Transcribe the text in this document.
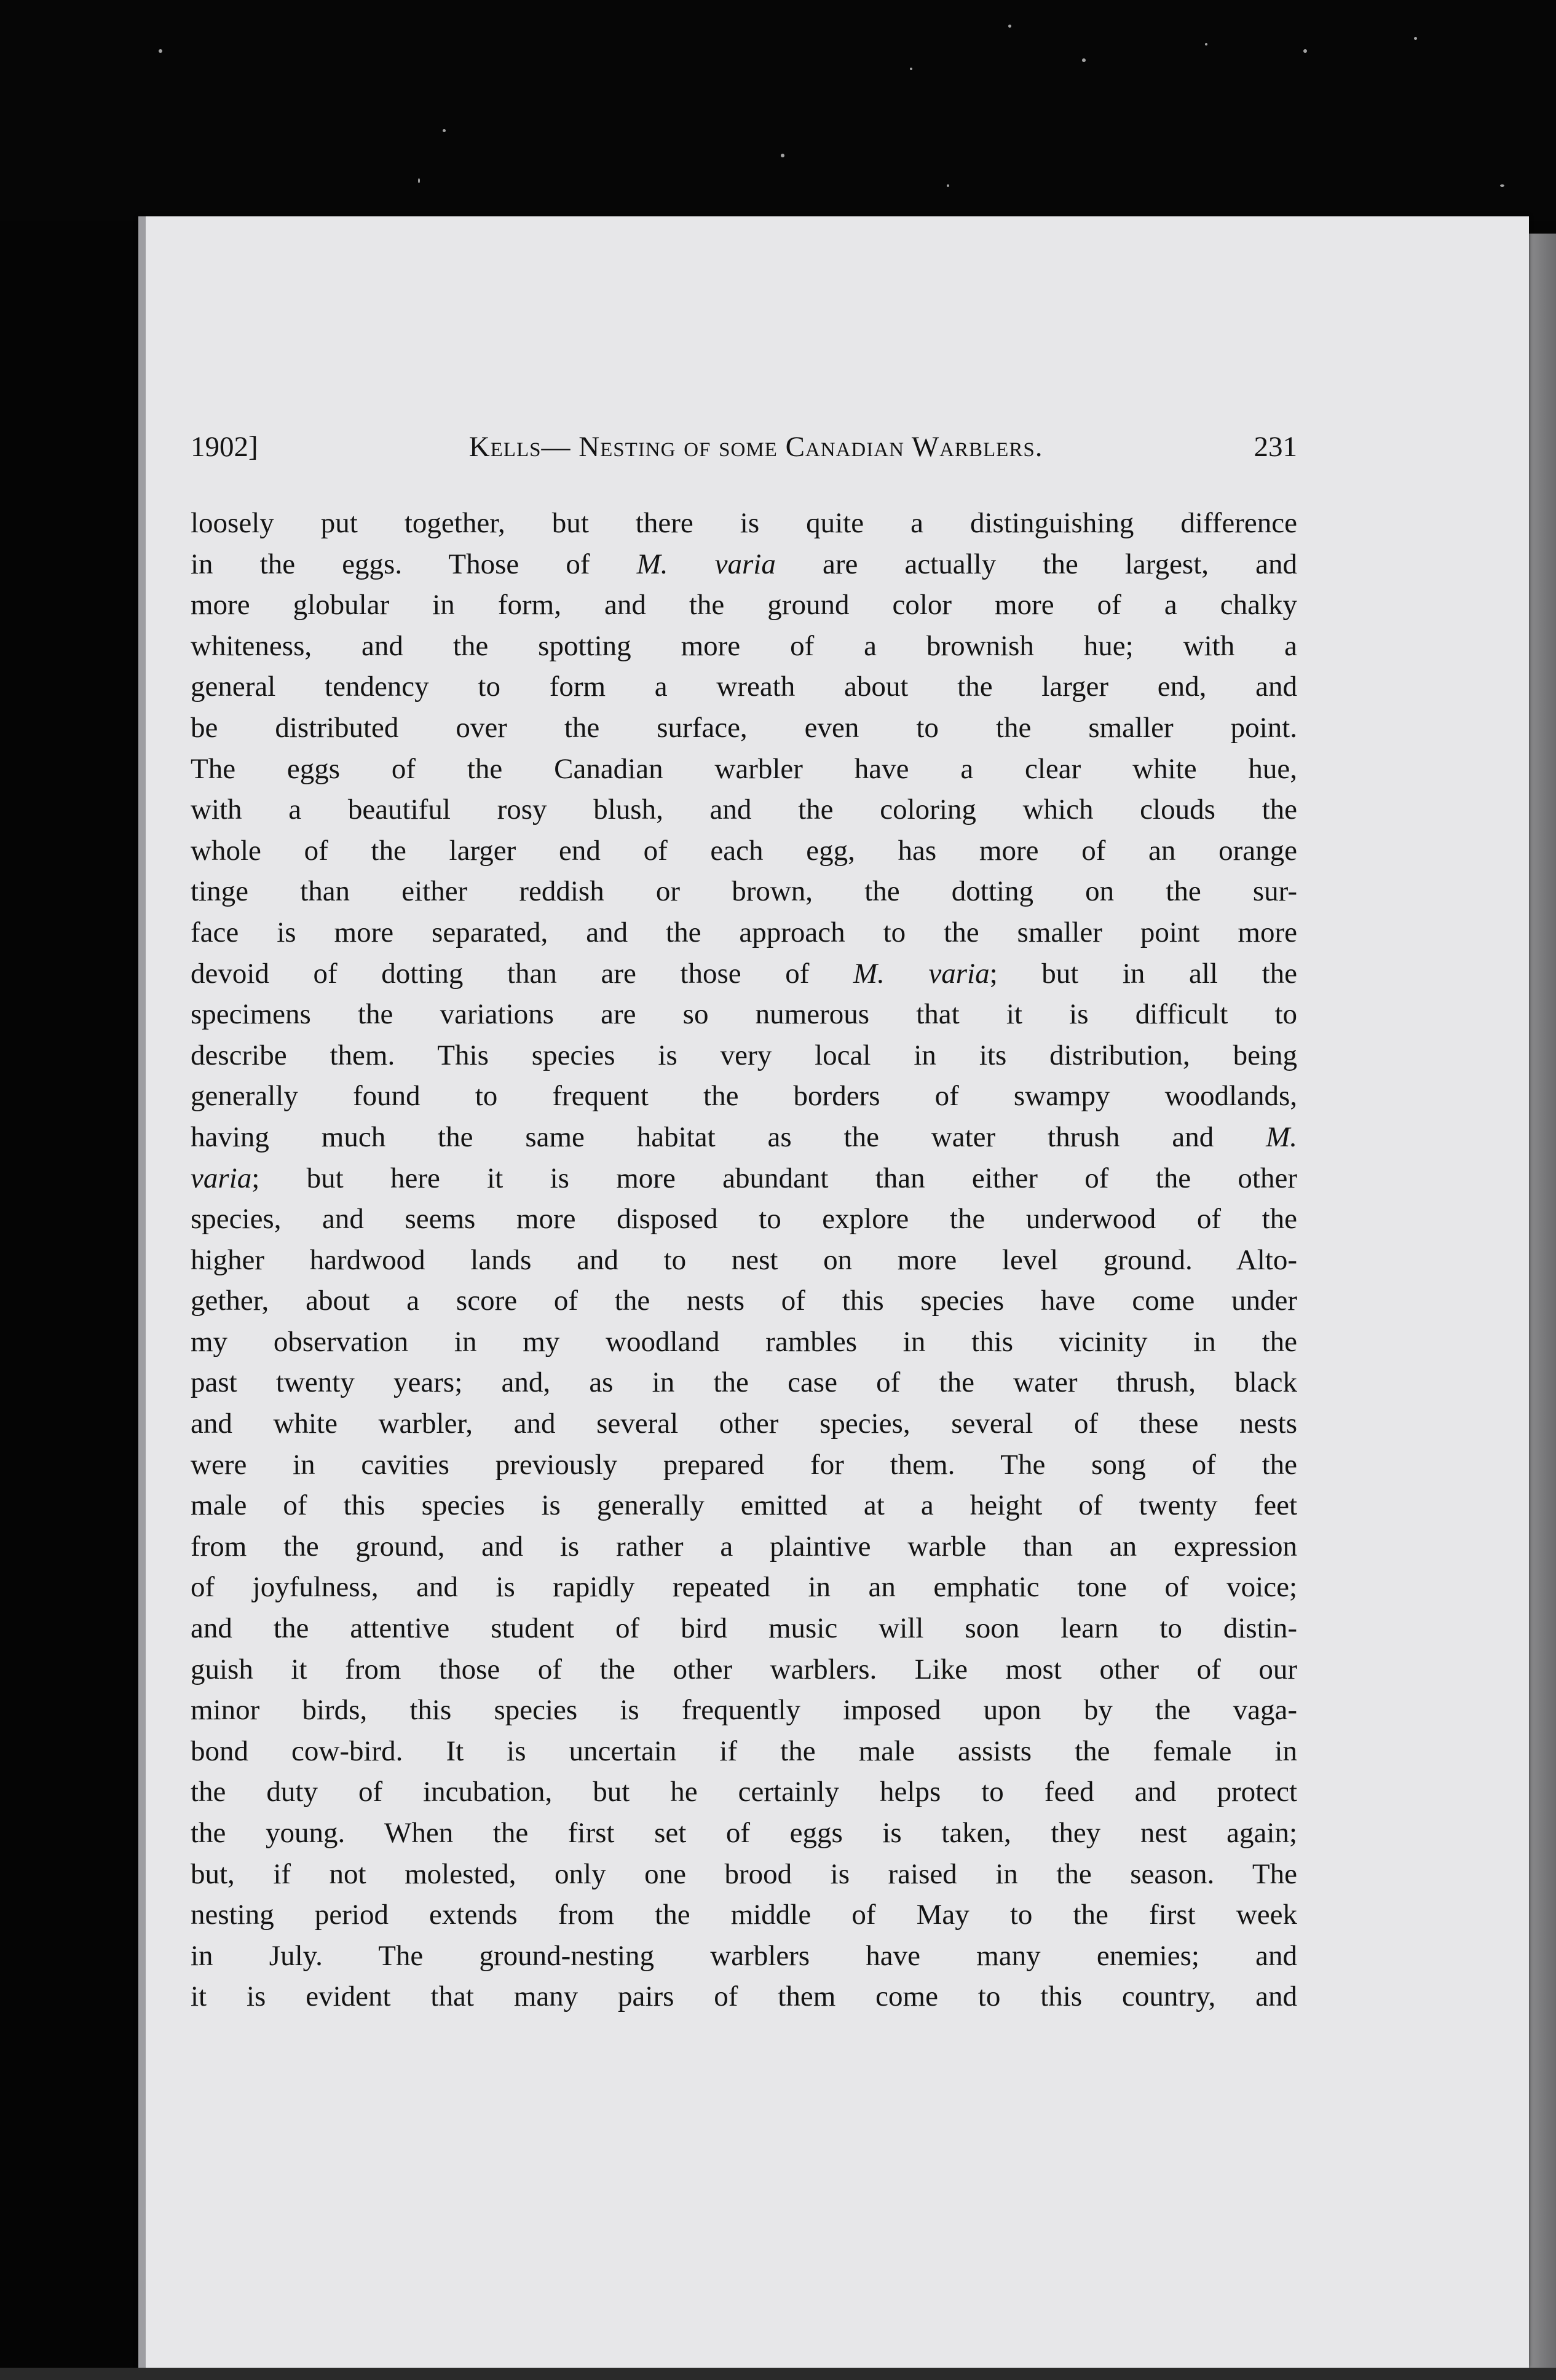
1902]	Kells— Nesting of some Canadian Warblers.	231
loosely put together, but there is quite a distinguishing difference
in the eggs. Those of M. varia are actually the largest, and
more globular in form, and the ground color more of a chalky
whiteness, and the spotting more of a brownish hue; with a
general tendency to form a wreath about the larger end, and
be distributed over the surface, even to the smaller point.
The eggs of the Canadian warbler have a clear white hue,
with a beautiful rosy blush, and the coloring which clouds the
whole of the larger end of each egg, has more of an orange
tinge than either reddish or brown, the dotting on the sur-
face is more separated, and the approach to the smaller point more
devoid of dotting than are those of M. varia; but in all the
specimens the variations are so numerous that it is difficult to
describe them. This species is very local in its distribution, being
generally found to frequent the borders of swampy woodlands,
having much the same habitat as the water thrush and M.
varia; but here it is more abundant than either of the other
species, and seems more disposed to explore the underwood of the
higher hardwood lands and to nest on more level ground. Alto-
gether, about a score of the nests of this species have come under
my observation in my woodland rambles in this vicinity in the
past twenty years; and, as in the case of the water thrush, black
and white warbler, and several other species, several of these nests
were in cavities previously prepared for them. The song of the
male of this species is generally emitted at a height of twenty feet
from the ground, and is rather a plaintive warble than an expression
of joyfulness, and is rapidly repeated in an emphatic tone of voice;
and the attentive student of bird music will soon learn to distin-
guish it from those of the other warblers. Like most other of our
minor birds, this species is frequently imposed upon by the vaga-
bond cow-bird. It is uncertain if the male assists the female in
the duty of incubation, but he certainly helps to feed and protect
the young. When the first set of eggs is taken, they nest again;
but, if not molested, only one brood is raised in the season. The
nesting period extends from the middle of May to the first week
in July. The ground-nesting warblers have many enemies; and
it is evident that many pairs of them come to this country, and
